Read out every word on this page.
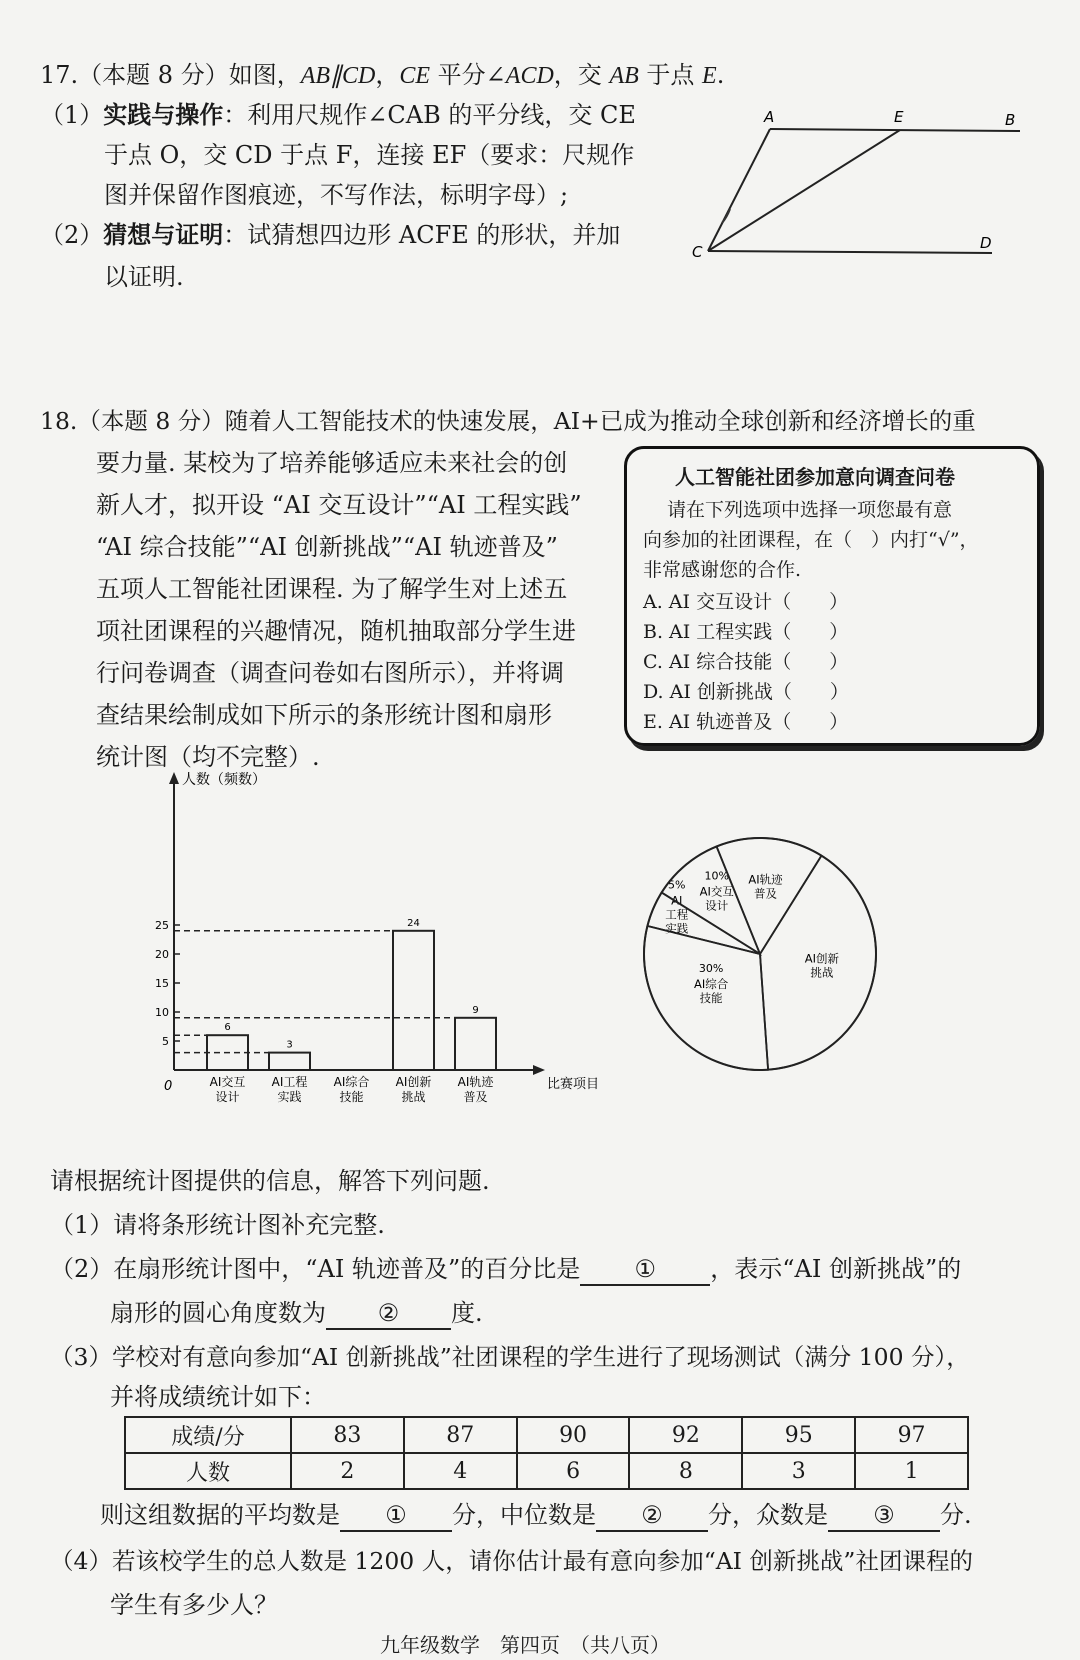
17.（本题 8 分）如图，AB∥CD，CE 平分∠ACD，交 AB 于点 E.
（1）实践与操作：利用尺规作∠CAB 的平分线，交 CE
于点 O，交 CD 于点 F，连接 EF（要求：尺规作
图并保留作图痕迹，不写作法，标明字母）;
（2）猜想与证明：试猜想四边形 ACFE 的形状，并加
以证明.
A	E	B
C	D
18.（本题 8 分）随着人工智能技术的快速发展，AI+已成为推动全球创新和经济增长的重
要力量. 某校为了培养能够适应未来社会的创
新人才，拟开设 “AI 交互设计”“AI 工程实践”
“AI 综合技能”“AI 创新挑战”“AI 轨迹普及”
五项人工智能社团课程. 为了解学生对上述五
项社团课程的兴趣情况，随机抽取部分学生进
行问卷调查（调查问卷如右图所示），并将调
查结果绘制成如下所示的条形统计图和扇形
统计图（均不完整）.
人工智能社团参加意向调查问卷
请在下列选项中选择一项您最有意
向参加的社团课程，在（　）内打“√”，
非常感谢您的合作.
A. AI 交互设计（　　）
B. AI 工程实践（　　）
C. AI 综合技能（　　）
D. AI 创新挑战（　　）
E. AI 轨迹普及（　　）
人数（频数）
比赛项目
0
5
10
15
20
25
6
AI交互
设计
3
AI工程
实践
AI综合
技能
24
AI创新
挑战
9
AI轨迹
普及
AI创新
挑战
30%
AI综合
技能
5%
AI
工程
实践
10%
AI交互
设计
AI轨迹
普及
请根据统计图提供的信息，解答下列问题.
（1）请将条形统计图补充完整.
（2）在扇形统计图中，“AI 轨迹普及”的百分比是 ① ，表示“AI 创新挑战”的
扇形的圆心角度数为 ② 度.
（3）学校对有意向参加“AI 创新挑战”社团课程的学生进行了现场测试（满分 100 分），
并将成绩统计如下：
成绩/分	83	87	90	92	95	97
人数	2	4	6	8	3	1
则这组数据的平均数是 ① 分，中位数是 ② 分，众数是 ③ 分.
（4）若该校学生的总人数是 1200 人，请你估计最有意向参加“AI 创新挑战”社团课程的
学生有多少人？
九年级数学　第四页　（共八页）
